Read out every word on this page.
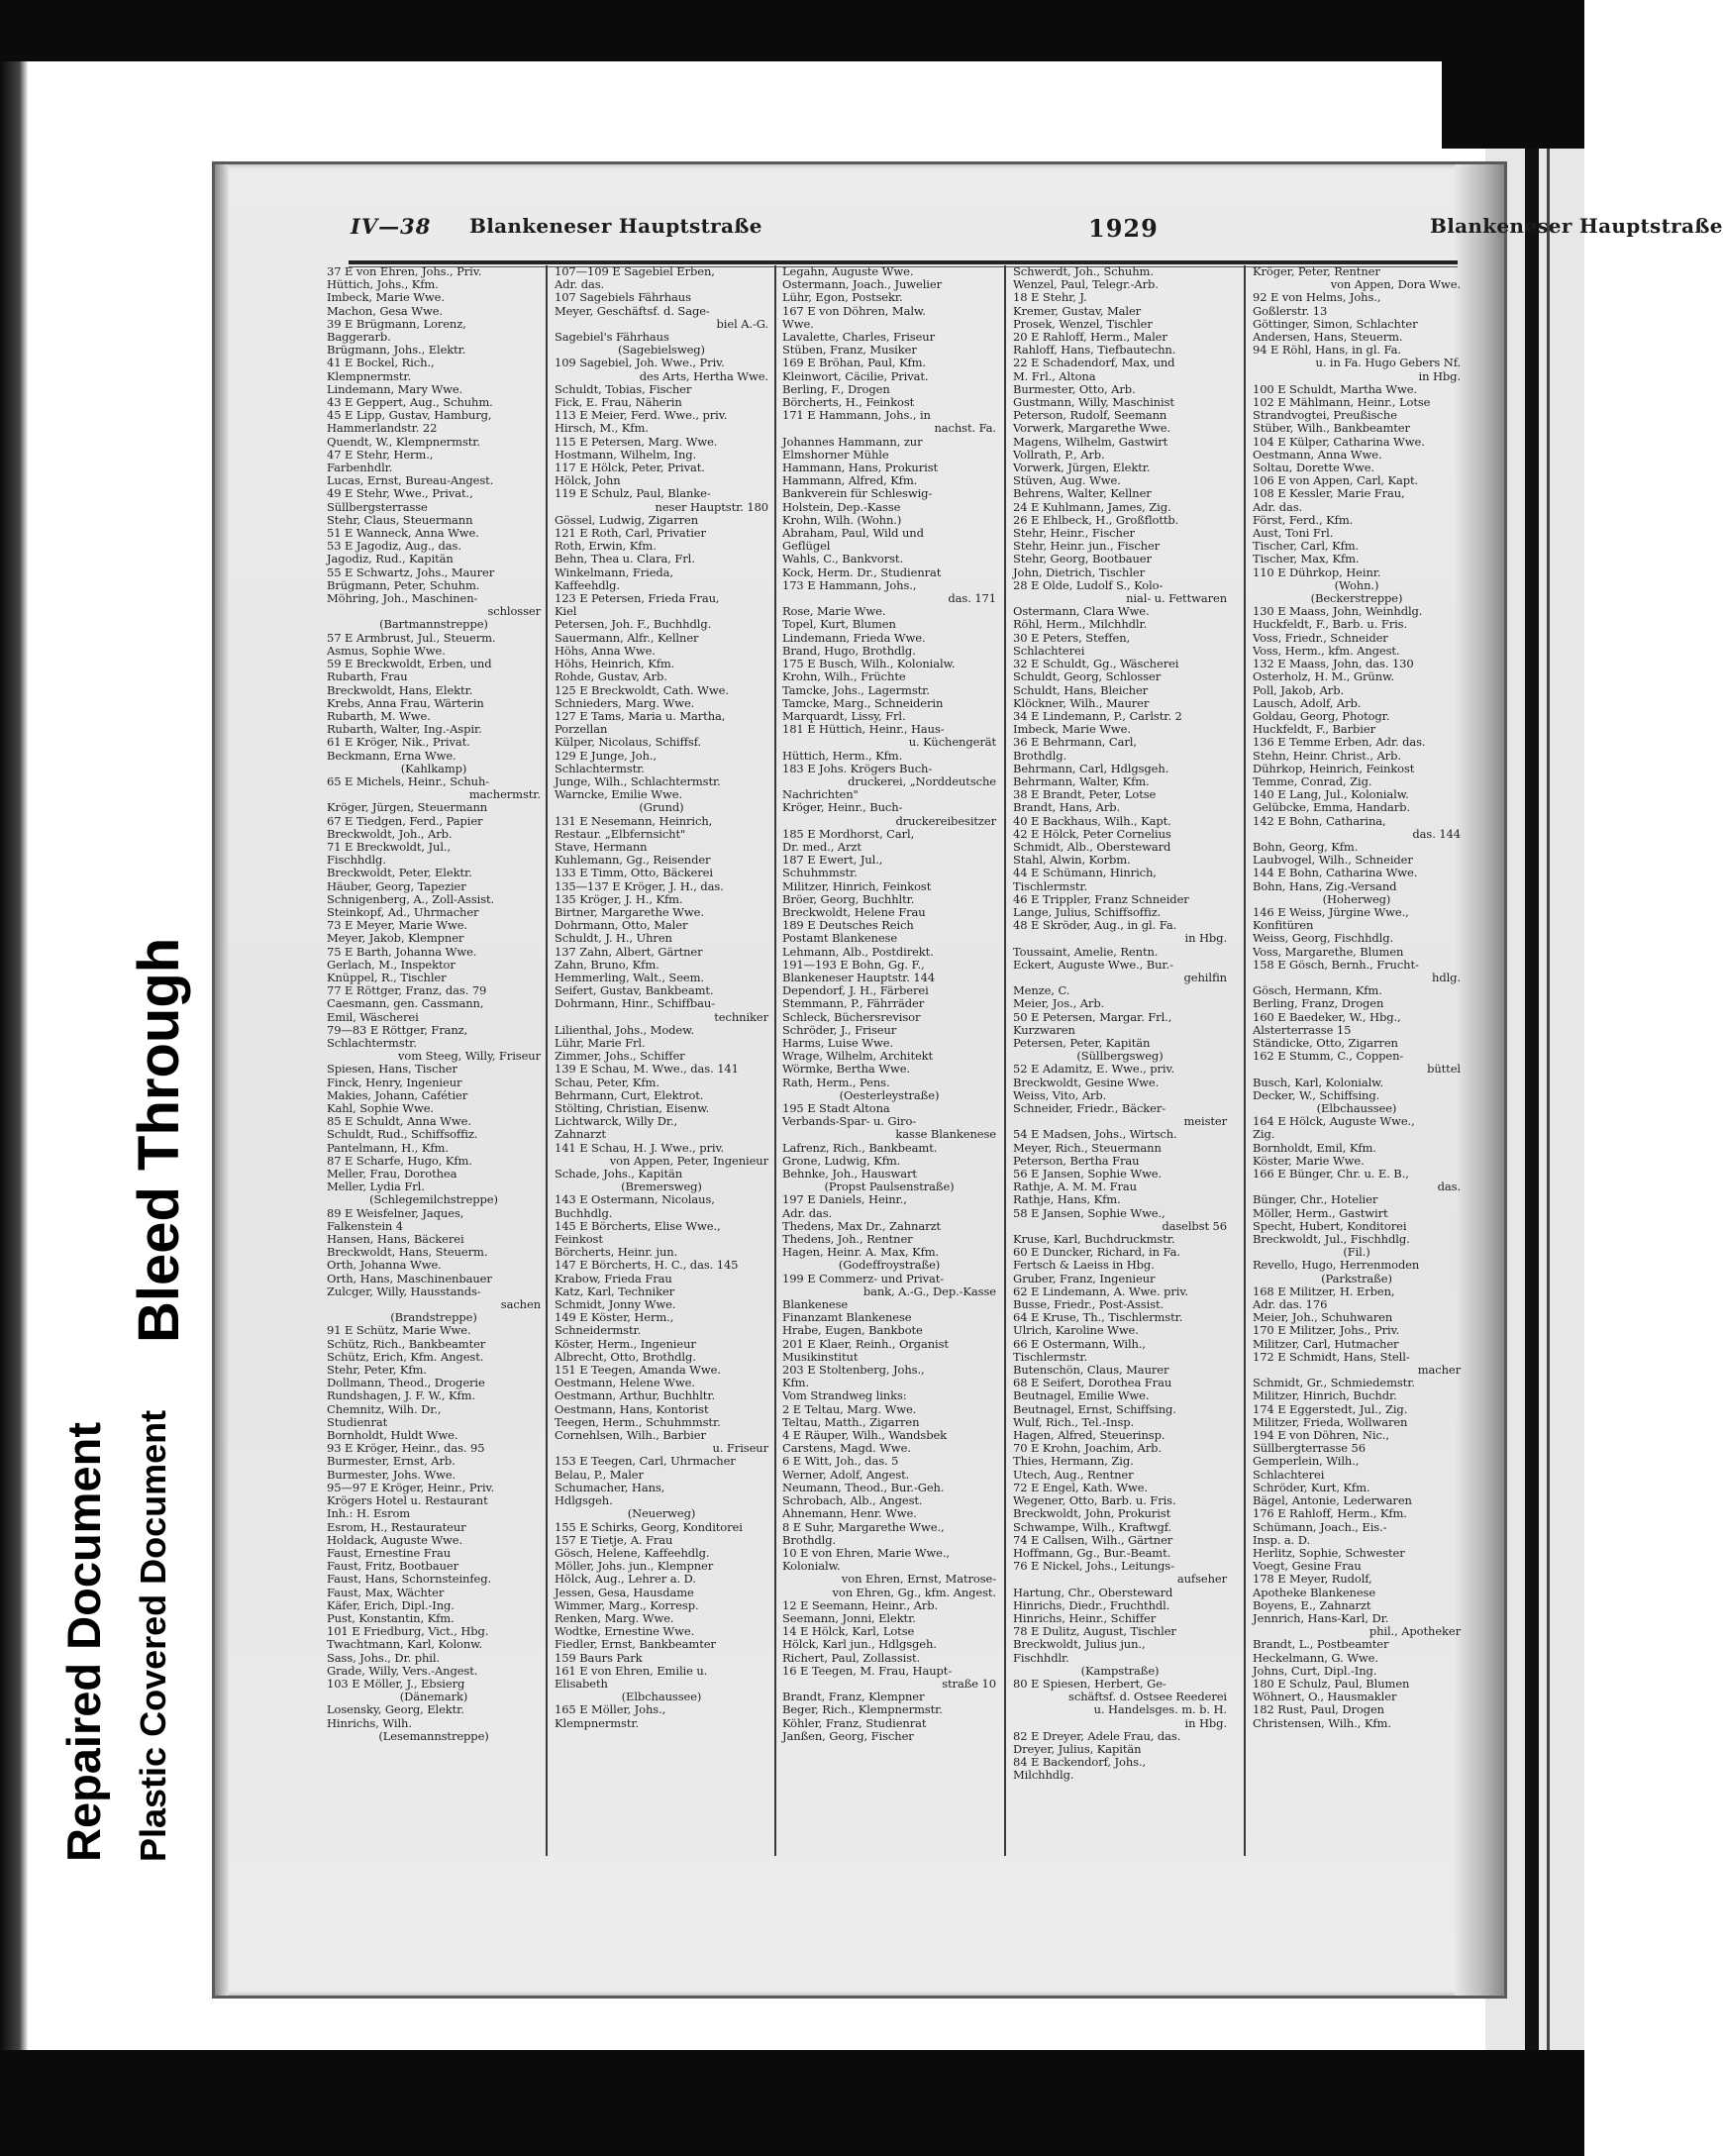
Bleed Through
Repaired Document Plastic Covered Document
IV—38 Blankeneser Hauptstraße	1929	Blankeneser Hauptstraße
37 E von Ehren, Johs., Priv.
Hüttich, Johs., Kfm.
Imbeck, Marie Wwe.
Machon, Gesa Wwe.
39 E Brügmann, Lorenz,
Baggerarb.
Brügmann, Johs., Elektr.
41 E Bockel, Rich.,
Klempnermstr.
Lindemann, Mary Wwe.
43 E Geppert, Aug., Schuhm.
45 E Lipp, Gustav, Hamburg,
Hammerlandstr. 22
Quendt, W., Klempnermstr.
47 E Stehr, Herm.,
Farbenhdlr.
Lucas, Ernst, Bureau-Angest.
49 E Stehr, Wwe., Privat.,
Süllbergsterrasse
Stehr, Claus, Steuermann
51 E Wanneck, Anna Wwe.
53 E Jagodiz, Aug., das.
Jagodiz, Rud., Kapitän
55 E Schwartz, Johs., Maurer
Brügmann, Peter, Schuhm.
Möhring, Joh., Maschinen-
schlosser
(Bartmannstreppe)
57 E Armbrust, Jul., Steuerm.
Asmus, Sophie Wwe.
59 E Breckwoldt, Erben, und
Rubarth, Frau
Breckwoldt, Hans, Elektr.
Krebs, Anna Frau, Wärterin
Rubarth, M. Wwe.
Rubarth, Walter, Ing.-Aspir.
61 E Kröger, Nik., Privat.
Beckmann, Erna Wwe.
(Kahlkamp)
65 E Michels, Heinr., Schuh-
machermstr.
Kröger, Jürgen, Steuermann
67 E Tiedgen, Ferd., Papier
Breckwoldt, Joh., Arb.
71 E Breckwoldt, Jul.,
Fischhdlg.
Breckwoldt, Peter, Elektr.
Häuber, Georg, Tapezier
Schnigenberg, A., Zoll-Assist.
Steinkopf, Ad., Uhrmacher
73 E Meyer, Marie Wwe.
Meyer, Jakob, Klempner
75 E Barth, Johanna Wwe.
Gerlach, M., Inspektor
Knüppel, R., Tischler
77 E Röttger, Franz, das. 79
Caesmann, gen. Cassmann,
Emil, Wäscherei
79—83 E Röttger, Franz,
Schlachtermstr.
vom Steeg, Willy, Friseur
Spiesen, Hans, Tischer
Finck, Henry, Ingenieur
Makies, Johann, Cafétier
Kahl, Sophie Wwe.
85 E Schuldt, Anna Wwe.
Schuldt, Rud., Schiffsoffiz.
Pantelmann, H., Kfm.
87 E Scharfe, Hugo, Kfm.
Meller, Frau, Dorothea
Meller, Lydia Frl.
(Schlegemilchstreppe)
89 E Weisfelner, Jaques,
Falkenstein 4
Hansen, Hans, Bäckerei
Breckwoldt, Hans, Steuerm.
Orth, Johanna Wwe.
Orth, Hans, Maschinenbauer
Zulcger, Willy, Hausstands-
sachen
(Brandstreppe)
91 E Schütz, Marie Wwe.
Schütz, Rich., Bankbeamter
Schütz, Erich, Kfm. Angest.
Stehr, Peter, Kfm.
Dollmann, Theod., Drogerie
Rundshagen, J. F. W., Kfm.
Chemnitz, Wilh. Dr.,
Studienrat
Bornholdt, Huldt Wwe.
93 E Kröger, Heinr., das. 95
Burmester, Ernst, Arb.
Burmester, Johs. Wwe.
95—97 E Kröger, Heinr., Priv.
Krögers Hotel u. Restaurant
Inh.: H. Esrom
Esrom, H., Restaurateur
Holdack, Auguste Wwe.
Faust, Ernestine Frau
Faust, Fritz, Bootbauer
Faust, Hans, Schornsteinfeg.
Faust, Max, Wächter
Käfer, Erich, Dipl.-Ing.
Pust, Konstantin, Kfm.
101 E Friedburg, Vict., Hbg.
Twachtmann, Karl, Kolonw.
Sass, Johs., Dr. phil.
Grade, Willy, Vers.-Angest.
103 E Möller, J., Ebsierg
(Dänemark)
Losensky, Georg, Elektr.
Hinrichs, Wilh.
(Lesemannstreppe)
107—109 E Sagebiel Erben,
Adr. das.
107 Sagebiels Fährhaus
Meyer, Geschäftsf. d. Sage-
biel A.-G.
Sagebiel's Fährhaus
(Sagebielsweg)
109 Sagebiel, Joh. Wwe., Priv.
des Arts, Hertha Wwe.
Schuldt, Tobias, Fischer
Fick, E. Frau, Näherin
113 E Meier, Ferd. Wwe., priv.
Hirsch, M., Kfm.
115 E Petersen, Marg. Wwe.
Hostmann, Wilhelm, Ing.
117 E Hölck, Peter, Privat.
Hölck, John
119 E Schulz, Paul, Blanke-
neser Hauptstr. 180
Gössel, Ludwig, Zigarren
121 E Roth, Carl, Privatier
Roth, Erwin, Kfm.
Behn, Thea u. Clara, Frl.
Winkelmann, Frieda,
Kaffeehdlg.
123 E Petersen, Frieda Frau,
Kiel
Petersen, Joh. F., Buchhdlg.
Sauermann, Alfr., Kellner
Höhs, Anna Wwe.
Höhs, Heinrich, Kfm.
Rohde, Gustav, Arb.
125 E Breckwoldt, Cath. Wwe.
Schnieders, Marg. Wwe.
127 E Tams, Maria u. Martha,
Porzellan
Külper, Nicolaus, Schiffsf.
129 E Junge, Joh.,
Schlachtermstr.
Junge, Wilh., Schlachtermstr.
Warncke, Emilie Wwe.
(Grund)
131 E Nesemann, Heinrich,
Restaur. „Elbfernsicht"
Stave, Hermann
Kuhlemann, Gg., Reisender
133 E Timm, Otto, Bäckerei
135—137 E Kröger, J. H., das.
135 Kröger, J. H., Kfm.
Birtner, Margarethe Wwe.
Dohrmann, Otto, Maler
Schuldt, J. H., Uhren
137 Zahn, Albert, Gärtner
Zahn, Bruno, Kfm.
Hemmerling, Walt., Seem.
Seifert, Gustav, Bankbeamt.
Dohrmann, Hinr., Schiffbau-
techniker
Lilienthal, Johs., Modew.
Lühr, Marie Frl.
Zimmer, Johs., Schiffer
139 E Schau, M. Wwe., das. 141
Schau, Peter, Kfm.
Behrmann, Curt, Elektrot.
Stölting, Christian, Eisenw.
Lichtwarck, Willy Dr.,
Zahnarzt
141 E Schau, H. J. Wwe., priv.
von Appen, Peter, Ingenieur
Schade, Johs., Kapitän
(Bremersweg)
143 E Ostermann, Nicolaus,
Buchhdlg.
145 E Börcherts, Elise Wwe.,
Feinkost
Börcherts, Heinr. jun.
147 E Börcherts, H. C., das. 145
Krabow, Frieda Frau
Katz, Karl, Techniker
Schmidt, Jonny Wwe.
149 E Köster, Herm.,
Schneidermstr.
Köster, Herm., Ingenieur
Albrecht, Otto, Brothdlg.
151 E Teegen, Amanda Wwe.
Oestmann, Helene Wwe.
Oestmann, Arthur, Buchhltr.
Oestmann, Hans, Kontorist
Teegen, Herm., Schuhmmstr.
Cornehlsen, Wilh., Barbier
u. Friseur
153 E Teegen, Carl, Uhrmacher
Belau, P., Maler
Schumacher, Hans,
Hdlgsgeh.
(Neuerweg)
155 E Schirks, Georg, Konditorei
157 E Tietje, A. Frau
Gösch, Helene, Kaffeehdlg.
Möller, Johs. jun., Klempner
Hölck, Aug., Lehrer a. D.
Jessen, Gesa, Hausdame
Wimmer, Marg., Korresp.
Renken, Marg. Wwe.
Wodtke, Ernestine Wwe.
Fiedler, Ernst, Bankbeamter
159 Baurs Park
161 E von Ehren, Emilie u.
Elisabeth
(Elbchaussee)
165 E Möller, Johs.,
Klempnermstr.
Legahn, Auguste Wwe.
Ostermann, Joach., Juwelier
Lühr, Egon, Postsekr.
167 E von Döhren, Malw.
Wwe.
Lavalette, Charles, Friseur
Stüben, Franz, Musiker
169 E Bröhan, Paul, Kfm.
Kleinwort, Cäcilie, Privat.
Berling, F., Drogen
Börcherts, H., Feinkost
171 E Hammann, Johs., in
nachst. Fa.
Johannes Hammann, zur
Elmshorner Mühle
Hammann, Hans, Prokurist
Hammann, Alfred, Kfm.
Bankverein für Schleswig-
Holstein, Dep.-Kasse
Krohn, Wilh. (Wohn.)
Abraham, Paul, Wild und
Geflügel
Wahls, C., Bankvorst.
Kock, Herm. Dr., Studienrat
173 E Hammann, Johs.,
das. 171
Rose, Marie Wwe.
Topel, Kurt, Blumen
Lindemann, Frieda Wwe.
Brand, Hugo, Brothdlg.
175 E Busch, Wilh., Kolonialw.
Krohn, Wilh., Früchte
Tamcke, Johs., Lagermstr.
Tamcke, Marg., Schneiderin
Marquardt, Lissy, Frl.
181 E Hüttich, Heinr., Haus-
u. Küchengerät
Hüttich, Herm., Kfm.
183 E Johs. Krögers Buch-
druckerei, „Norddeutsche
Nachrichten"
Kröger, Heinr., Buch-
druckereibesitzer
185 E Mordhorst, Carl,
Dr. med., Arzt
187 E Ewert, Jul.,
Schuhmmstr.
Militzer, Hinrich, Feinkost
Bröer, Georg, Buchhltr.
Breckwoldt, Helene Frau
189 E Deutsches Reich
Postamt Blankenese
Lehmann, Alb., Postdirekt.
191—193 E Bohn, Gg. F.,
Blankeneser Hauptstr. 144
Dependorf, J. H., Färberei
Stemmann, P., Fährräder
Schleck, Büchersrevisor
Schröder, J., Friseur
Harms, Luise Wwe.
Wrage, Wilhelm, Architekt
Wörmke, Bertha Wwe.
Rath, Herm., Pens.
(Oesterleystraße)
195 E Stadt Altona
Verbands-Spar- u. Giro-
kasse Blankenese
Lafrenz, Rich., Bankbeamt.
Grone, Ludwig, Kfm.
Behnke, Joh., Hauswart
(Propst Paulsenstraße)
197 E Daniels, Heinr.,
Adr. das.
Thedens, Max Dr., Zahnarzt
Thedens, Joh., Rentner
Hagen, Heinr. A. Max, Kfm.
(Godeffroystraße)
199 E Commerz- und Privat-
bank, A.-G., Dep.-Kasse
Blankenese
Finanzamt Blankenese
Hrabe, Eugen, Bankbote
201 E Klaer, Reinh., Organist
Musikinstitut
203 E Stoltenberg, Johs.,
Kfm.
Vom Strandweg links:
2 E Teltau, Marg. Wwe.
Teltau, Matth., Zigarren
4 E Räuper, Wilh., Wandsbek
Carstens, Magd. Wwe.
6 E Witt, Joh., das. 5
Werner, Adolf, Angest.
Neumann, Theod., Bur.-Geh.
Schrobach, Alb., Angest.
Ahnemann, Henr. Wwe.
8 E Suhr, Margarethe Wwe.,
Brothdlg.
10 E von Ehren, Marie Wwe.,
Kolonialw.
von Ehren, Ernst, Matrose-
von Ehren, Gg., kfm. Angest.
12 E Seemann, Heinr., Arb.
Seemann, Jonni, Elektr.
14 E Hölck, Karl, Lotse
Hölck, Karl jun., Hdlgsgeh.
Richert, Paul, Zollassist.
16 E Teegen, M. Frau, Haupt-
straße 10
Brandt, Franz, Klempner
Beger, Rich., Klempnermstr.
Köhler, Franz, Studienrat
Janßen, Georg, Fischer
Schwerdt, Joh., Schuhm.
Wenzel, Paul, Telegr.-Arb.
18 E Stehr, J.
Kremer, Gustav, Maler
Prosek, Wenzel, Tischler
20 E Rahloff, Herm., Maler
Rahloff, Hans, Tiefbautechn.
22 E Schadendorf, Max, und
M. Frl., Altona
Burmester, Otto, Arb.
Gustmann, Willy, Maschinist
Peterson, Rudolf, Seemann
Vorwerk, Margarethe Wwe.
Magens, Wilhelm, Gastwirt
Vollrath, P., Arb.
Vorwerk, Jürgen, Elektr.
Stüven, Aug. Wwe.
Behrens, Walter, Kellner
24 E Kuhlmann, James, Zig.
26 E Ehlbeck, H., Großflottb.
Stehr, Heinr., Fischer
Stehr, Heinr. jun., Fischer
Stehr, Georg, Bootbauer
John, Dietrich, Tischler
28 E Olde, Ludolf S., Kolo-
nial- u. Fettwaren
Ostermann, Clara Wwe.
Röhl, Herm., Milchhdlr.
30 E Peters, Steffen,
Schlachterei
32 E Schuldt, Gg., Wäscherei
Schuldt, Georg, Schlosser
Schuldt, Hans, Bleicher
Klöckner, Wilh., Maurer
34 E Lindemann, P., Carlstr. 2
Imbeck, Marie Wwe.
36 E Behrmann, Carl,
Brothdlg.
Behrmann, Carl, Hdlgsgeh.
Behrmann, Walter, Kfm.
38 E Brandt, Peter, Lotse
Brandt, Hans, Arb.
40 E Backhaus, Wilh., Kapt.
42 E Hölck, Peter Cornelius
Schmidt, Alb., Obersteward
Stahl, Alwin, Korbm.
44 E Schümann, Hinrich,
Tischlermstr.
46 E Trippler, Franz Schneider
Lange, Julius, Schiffsoffiz.
48 E Skröder, Aug., in gl. Fa.
in Hbg.
Toussaint, Amelie, Rentn.
Eckert, Auguste Wwe., Bur.-
gehilfin
Menze, C.
Meier, Jos., Arb.
50 E Petersen, Margar. Frl.,
Kurzwaren
Petersen, Peter, Kapitän
(Süllbergsweg)
52 E Adamitz, E. Wwe., priv.
Breckwoldt, Gesine Wwe.
Weiss, Vito, Arb.
Schneider, Friedr., Bäcker-
meister
54 E Madsen, Johs., Wirtsch.
Meyer, Rich., Steuermann
Peterson, Bertha Frau
56 E Jansen, Sophie Wwe.
Rathje, A. M. M. Frau
Rathje, Hans, Kfm.
58 E Jansen, Sophie Wwe.,
daselbst 56
Kruse, Karl, Buchdruckmstr.
60 E Duncker, Richard, in Fa.
Fertsch & Laeiss in Hbg.
Gruber, Franz, Ingenieur
62 E Lindemann, A. Wwe. priv.
Busse, Friedr., Post-Assist.
64 E Kruse, Th., Tischlermstr.
Ulrich, Karoline Wwe.
66 E Ostermann, Wilh.,
Tischlermstr.
Butenschön, Claus, Maurer
68 E Seifert, Dorothea Frau
Beutnagel, Emilie Wwe.
Beutnagel, Ernst, Schiffsing.
Wulf, Rich., Tel.-Insp.
Hagen, Alfred, Steuerinsp.
70 E Krohn, Joachim, Arb.
Thies, Hermann, Zig.
Utech, Aug., Rentner
72 E Engel, Kath. Wwe.
Wegener, Otto, Barb. u. Fris.
Breckwoldt, John, Prokurist
Schwampe, Wilh., Kraftwgf.
74 E Callsen, Wilh., Gärtner
Hoffmann, Gg., Bur.-Beamt.
76 E Nickel, Johs., Leitungs-
aufseher
Hartung, Chr., Obersteward
Hinrichs, Diedr., Fruchthdl.
Hinrichs, Heinr., Schiffer
78 E Dulitz, August, Tischler
Breckwoldt, Julius jun.,
Fischhdlr.
(Kampstraße)
80 E Spiesen, Herbert, Ge-
schäftsf. d. Ostsee Reederei
u. Handelsges. m. b. H.
in Hbg.
82 E Dreyer, Adele Frau, das.
Dreyer, Julius, Kapitän
84 E Backendorf, Johs.,
Milchhdlg.
Kröger, Peter, Rentner
von Appen, Dora Wwe.
92 E von Helms, Johs.,
Goßlerstr. 13
Göttinger, Simon, Schlachter
Andersen, Hans, Steuerm.
94 E Röhl, Hans, in gl. Fa.
u. in Fa. Hugo Gebers Nf.
in Hbg.
100 E Schuldt, Martha Wwe.
102 E Mählmann, Heinr., Lotse
Strandvogtei, Preußische
Stüber, Wilh., Bankbeamter
104 E Külper, Catharina Wwe.
Oestmann, Anna Wwe.
Soltau, Dorette Wwe.
106 E von Appen, Carl, Kapt.
108 E Kessler, Marie Frau,
Adr. das.
Först, Ferd., Kfm.
Aust, Toni Frl.
Tischer, Carl, Kfm.
Tischer, Max, Kfm.
110 E Dührkop, Heinr.
(Wohn.)
(Beckerstreppe)
130 E Maass, John, Weinhdlg.
Huckfeldt, F., Barb. u. Fris.
Voss, Friedr., Schneider
Voss, Herm., kfm. Angest.
132 E Maass, John, das. 130
Osterholz, H. M., Grünw.
Poll, Jakob, Arb.
Lausch, Adolf, Arb.
Goldau, Georg, Photogr.
Huckfeldt, F., Barbier
136 E Temme Erben, Adr. das.
Stehn, Heinr. Christ., Arb.
Dührkop, Heinrich, Feinkost
Temme, Conrad, Zig.
140 E Lang, Jul., Kolonialw.
Gelübcke, Emma, Handarb.
142 E Bohn, Catharina,
das. 144
Bohn, Georg, Kfm.
Laubvogel, Wilh., Schneider
144 E Bohn, Catharina Wwe.
Bohn, Hans, Zig.-Versand
(Hoherweg)
146 E Weiss, Jürgine Wwe.,
Konfitüren
Weiss, Georg, Fischhdlg.
Voss, Margarethe, Blumen
158 E Gösch, Bernh., Frucht-
hdlg.
Gösch, Hermann, Kfm.
Berling, Franz, Drogen
160 E Baedeker, W., Hbg.,
Alsterterrasse 15
Ständicke, Otto, Zigarren
162 E Stumm, C., Coppen-
büttel
Busch, Karl, Kolonialw.
Decker, W., Schiffsing.
(Elbchaussee)
164 E Hölck, Auguste Wwe.,
Zig.
Bornholdt, Emil, Kfm.
Köster, Marie Wwe.
166 E Bünger, Chr. u. E. B.,
das.
Bünger, Chr., Hotelier
Möller, Herm., Gastwirt
Specht, Hubert, Konditorei
Breckwoldt, Jul., Fischhdlg.
(Fil.)
Revello, Hugo, Herrenmoden
(Parkstraße)
168 E Militzer, H. Erben,
Adr. das. 176
Meier, Joh., Schuhwaren
170 E Militzer, Johs., Priv.
Militzer, Carl, Hutmacher
172 E Schmidt, Hans, Stell-
macher
Schmidt, Gr., Schmiedemstr.
Militzer, Hinrich, Buchdr.
174 E Eggerstedt, Jul., Zig.
Militzer, Frieda, Wollwaren
194 E von Döhren, Nic.,
Süllbergterrasse 56
Gemperlein, Wilh.,
Schlachterei
Schröder, Kurt, Kfm.
Bägel, Antonie, Lederwaren
176 E Rahloff, Herm., Kfm.
Schümann, Joach., Eis.-
Insp. a. D.
Herlitz, Sophie, Schwester
Voegt, Gesine Frau
178 E Meyer, Rudolf,
Apotheke Blankenese
Boyens, E., Zahnarzt
Jennrich, Hans-Karl, Dr.
phil., Apotheker
Brandt, L., Postbeamter
Heckelmann, G. Wwe.
Johns, Curt, Dipl.-Ing.
180 E Schulz, Paul, Blumen
Wöhnert, O., Hausmakler
182 Rust, Paul, Drogen
Christensen, Wilh., Kfm.
